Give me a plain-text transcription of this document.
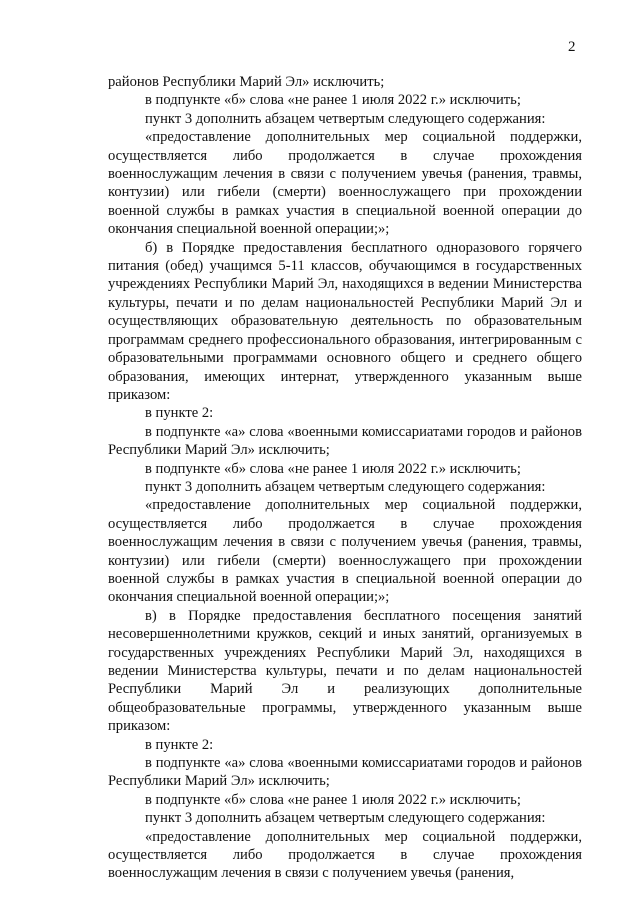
2

районов Республики Марий Эл» исключить;

в подпункте «б» слова «не ранее 1 июля 2022 г.» исключить;

пункт 3 дополнить абзацем четвертым следующего содержания:

«предоставление дополнительных мер социальной поддержки, осуществляется либо продолжается в случае прохождения военнослужащим лечения в связи с получением увечья (ранения, травмы, контузии) или гибели (смерти) военнослужащего при прохождении военной службы в рамках участия в специальной военной операции до окончания специальной военной операции;»;

б) в Порядке предоставления бесплатного одноразового горячего питания (обед) учащимся 5-11 классов, обучающимся в государственных учреждениях Республики Марий Эл, находящихся в ведении Министерства культуры, печати и по делам национальностей Республики Марий Эл и осуществляющих образовательную деятельность по образовательным программам среднего профессионального образования, интегрированным с образовательными программами основного общего и среднего общего образования, имеющих интернат, утвержденного указанным выше приказом:

в пункте 2:

в подпункте «а» слова «военными комиссариатами городов и районов Республики Марий Эл» исключить;

в подпункте «б» слова «не ранее 1 июля 2022 г.» исключить;

пункт 3 дополнить абзацем четвертым следующего содержания:

«предоставление дополнительных мер социальной поддержки, осуществляется либо продолжается в случае прохождения военнослужащим лечения в связи с получением увечья (ранения, травмы, контузии) или гибели (смерти) военнослужащего при прохождении военной службы в рамках участия в специальной военной операции до окончания специальной военной операции;»;

в) в Порядке предоставления бесплатного посещения занятий несовершеннолетними кружков, секций и иных занятий, организуемых в государственных учреждениях Республики Марий Эл, находящихся в ведении Министерства культуры, печати и по делам национальностей Республики Марий Эл и реализующих дополнительные общеобразовательные программы, утвержденного указанным выше приказом:

в пункте 2:

в подпункте «а» слова «военными комиссариатами городов и районов Республики Марий Эл» исключить;

в подпункте «б» слова «не ранее 1 июля 2022 г.» исключить;

пункт 3 дополнить абзацем четвертым следующего содержания:

«предоставление дополнительных мер социальной поддержки, осуществляется либо продолжается в случае прохождения военнослужащим лечения в связи с получением увечья (ранения,
